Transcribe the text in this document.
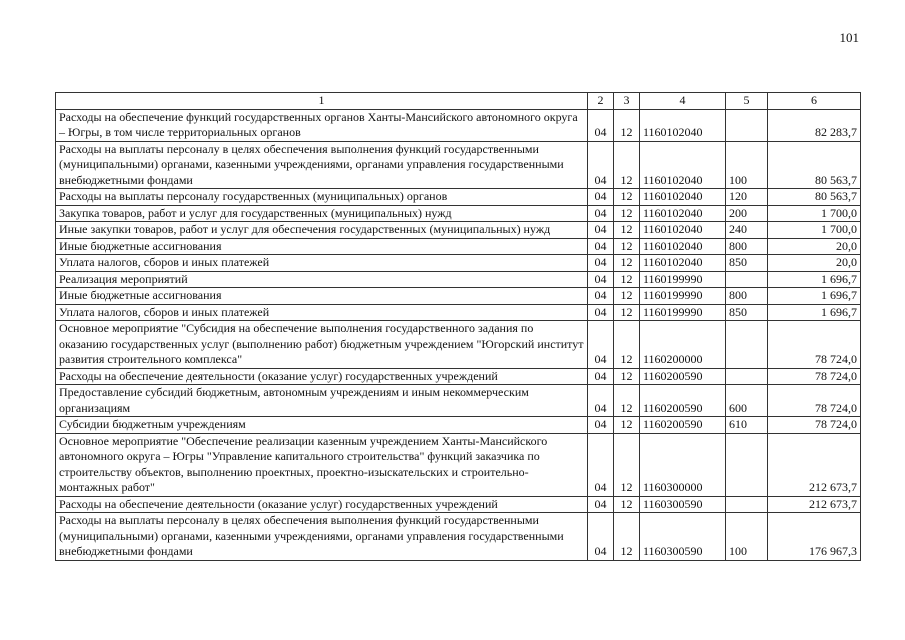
101
1	2	3	4	5	6
Расходы на обеспечение функций государственных органов Ханты-Мансийского автономного округа – Югры, в том числе территориальных органов	04	12	1160102040		82 283,7
Расходы на выплаты персоналу в целях обеспечения выполнения функций государственными (муниципальными) органами, казенными учреждениями, органами управления государственными внебюджетными фондами	04	12	1160102040	100	80 563,7
Расходы на выплаты персоналу государственных (муниципальных) органов	04	12	1160102040	120	80 563,7
Закупка товаров, работ и услуг для государственных (муниципальных) нужд	04	12	1160102040	200	1 700,0
Иные закупки товаров, работ и услуг для обеспечения государственных (муниципальных) нужд	04	12	1160102040	240	1 700,0
Иные бюджетные ассигнования	04	12	1160102040	800	20,0
Уплата налогов, сборов и иных платежей	04	12	1160102040	850	20,0
Реализация мероприятий	04	12	1160199990		1 696,7
Иные бюджетные ассигнования	04	12	1160199990	800	1 696,7
Уплата налогов, сборов и иных платежей	04	12	1160199990	850	1 696,7
Основное мероприятие "Субсидия на обеспечение выполнения государственного задания по оказанию государственных услуг (выполнению работ) бюджетным учреждением "Югорский институт развития строительного комплекса"	04	12	1160200000		78 724,0
Расходы на обеспечение деятельности (оказание услуг) государственных учреждений	04	12	1160200590		78 724,0
Предоставление субсидий бюджетным, автономным учреждениям и иным некоммерческим организациям	04	12	1160200590	600	78 724,0
Субсидии бюджетным учреждениям	04	12	1160200590	610	78 724,0
Основное мероприятие "Обеспечение реализации казенным учреждением Ханты-Мансийского автономного округа – Югры "Управление капитального строительства" функций заказчика по строительству объектов, выполнению проектных, проектно-изыскательских и строительно-монтажных работ"	04	12	1160300000		212 673,7
Расходы на обеспечение деятельности (оказание услуг) государственных учреждений	04	12	1160300590		212 673,7
Расходы на выплаты персоналу в целях обеспечения выполнения функций государственными (муниципальными) органами, казенными учреждениями, органами управления государственными внебюджетными фондами	04	12	1160300590	100	176 967,3
